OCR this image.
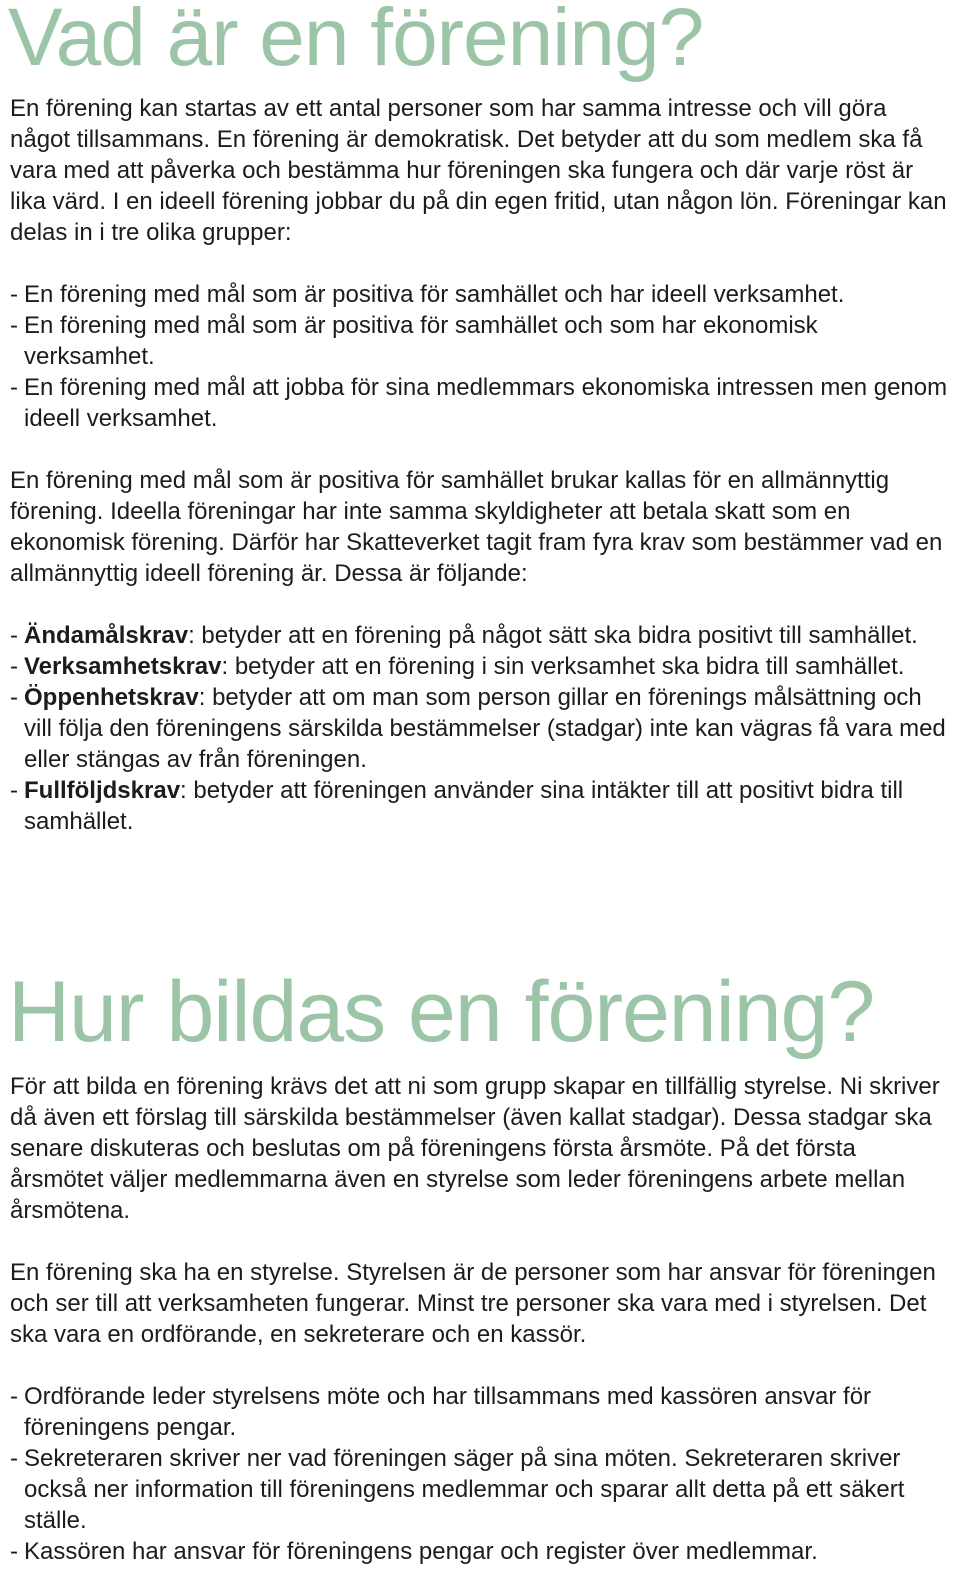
Vad är en förening?

En förening kan startas av ett antal personer som har samma intresse och vill göra något tillsammans. En förening är demokratisk. Det betyder att du som medlem ska få vara med att påverka och bestämma hur föreningen ska fungera och där varje röst är lika värd. I en ideell förening jobbar du på din egen fritid, utan någon lön. Föreningar kan delas in i tre olika grupper:

- En förening med mål som är positiva för samhället och har ideell verksamhet.
- En förening med mål som är positiva för samhället och som har ekonomisk verksamhet.
- En förening med mål att jobba för sina medlemmars ekonomiska intressen men genom ideell verksamhet.

En förening med mål som är positiva för samhället brukar kallas för en allmännyttig förening. Ideella föreningar har inte samma skyldigheter att betala skatt som en ekonomisk förening. Därför har Skatteverket tagit fram fyra krav som bestämmer vad en allmännyttig ideell förening är. Dessa är följande:

- Ändamålskrav: betyder att en förening på något sätt ska bidra positivt till samhället.
- Verksamhetskrav: betyder att en förening i sin verksamhet ska bidra till samhället.
- Öppenhetskrav: betyder att om man som person gillar en förenings målsättning och vill följa den föreningens särskilda bestämmelser (stadgar) inte kan vägras få vara med eller stängas av från föreningen.
- Fullföljdskrav: betyder att föreningen använder sina intäkter till att positivt bidra till samhället.
Hur bildas en förening?

För att bilda en förening krävs det att ni som grupp skapar en tillfällig styrelse. Ni skriver då även ett förslag till särskilda bestämmelser (även kallat stadgar). Dessa stadgar ska senare diskuteras och beslutas om på föreningens första årsmöte. På det första årsmötet väljer medlemmarna även en styrelse som leder föreningens arbete mellan årsmötena.

En förening ska ha en styrelse. Styrelsen är de personer som har ansvar för föreningen och ser till att verksamheten fungerar. Minst tre personer ska vara med i styrelsen. Det ska vara en ordförande, en sekreterare och en kassör.

- Ordförande leder styrelsens möte och har tillsammans med kassören ansvar för föreningens pengar.
- Sekreteraren skriver ner vad föreningen säger på sina möten. Sekreteraren skriver också ner information till föreningens medlemmar och sparar allt detta på ett säkert ställe.
- Kassören har ansvar för föreningens pengar och register över medlemmar.
